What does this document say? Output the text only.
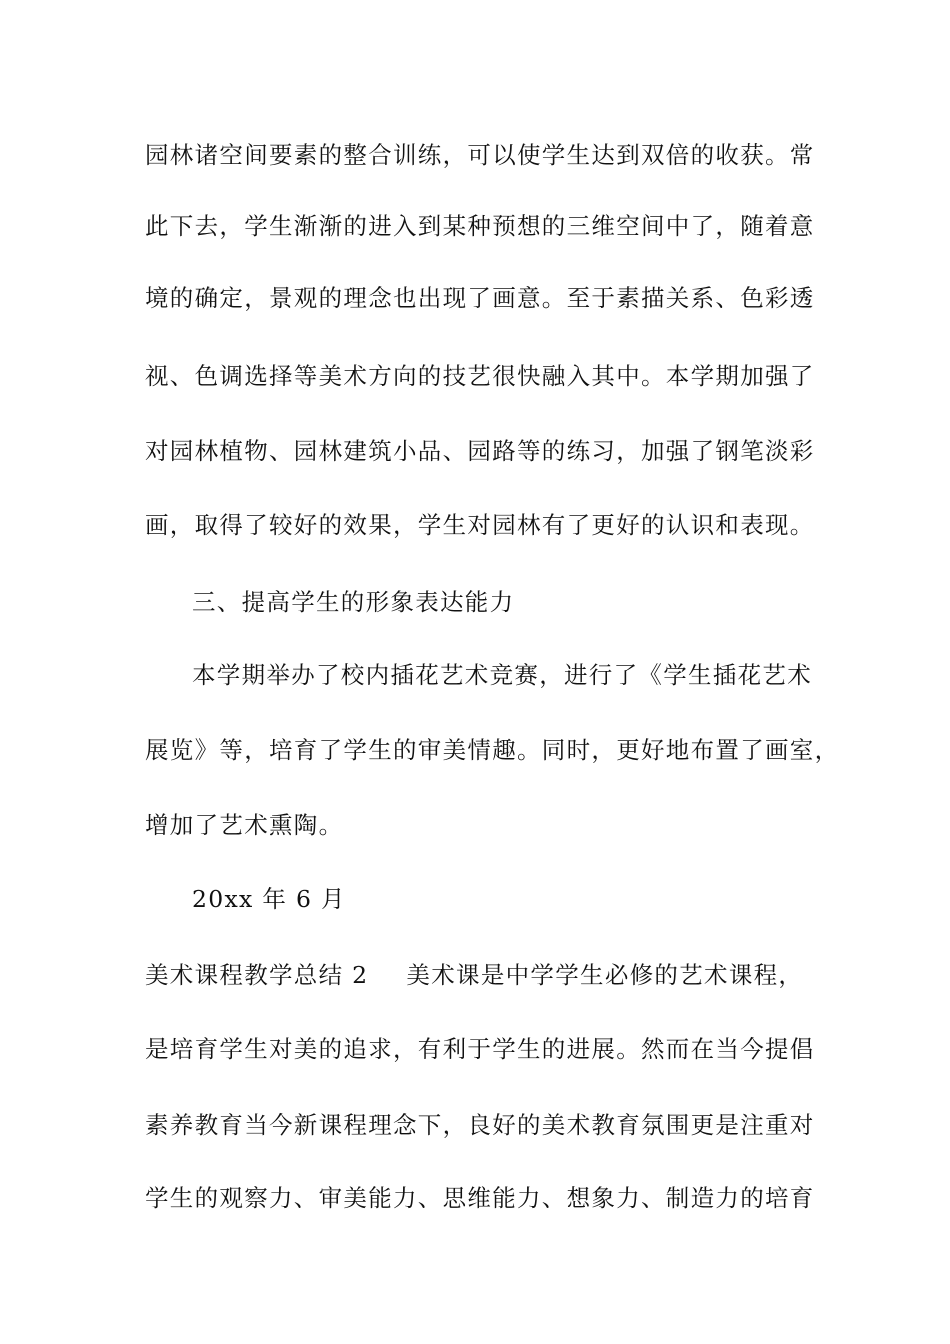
园林诸空间要素的整合训练，可以使学生达到双倍的收获。常
此下去，学生渐渐的进入到某种预想的三维空间中了，随着意
境的确定，景观的理念也出现了画意。至于素描关系、色彩透
视、色调选择等美术方向的技艺很快融入其中。本学期加强了
对园林植物、园林建筑小品、园路等的练习，加强了钢笔淡彩
画，取得了较好的效果，学生对园林有了更好的认识和表现。
三、提高学生的形象表达能力
本学期举办了校内插花艺术竞赛，进行了《学生插花艺术
展览》等，培育了学生的审美情趣。同时，更好地布置了画室，
增加了艺术熏陶。
20xx 年 6 月
美术课程教学总结 2 美术课是中学学生必修的艺术课程，
是培育学生对美的追求，有利于学生的进展。然而在当今提倡
素养教育当今新课程理念下，良好的美术教育氛围更是注重对
学生的观察力、审美能力、思维能力、想象力、制造力的培育
